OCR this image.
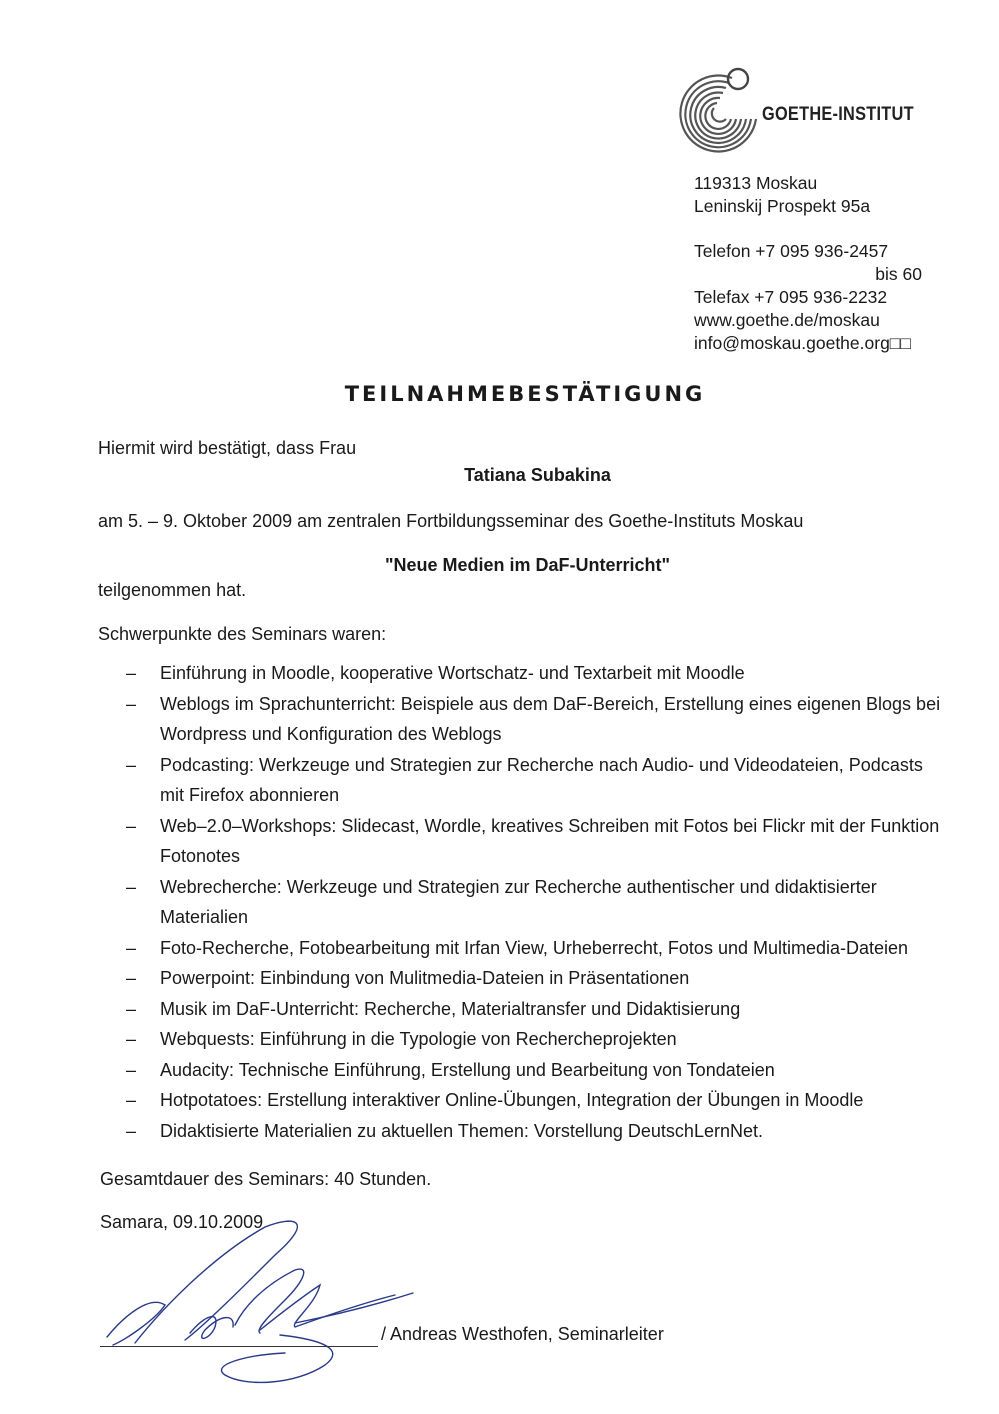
GOETHE-INSTITUT
119313 Moskau
Leninskij Prospekt 95a
Telefon +7 095 936-2457
bis 60
Telefax +7 095 936-2232
www.goethe.de/moskau
info@moskau.goethe.org□□
TEILNAHMEBESTÄTIGUNG
Hiermit wird bestätigt, dass Frau
Tatiana Subakina
am 5. – 9. Oktober 2009 am zentralen Fortbildungsseminar des Goethe-Instituts Moskau
"Neue Medien im DaF-Unterricht"
teilgenommen hat.
Schwerpunkte des Seminars waren:
– Einführung in Moodle, kooperative Wortschatz- und Textarbeit mit Moodle
– Weblogs im Sprachunterricht: Beispiele aus dem DaF-Bereich, Erstellung eines eigenen Blogs bei
Wordpress und Konfiguration des Weblogs
– Podcasting: Werkzeuge und Strategien zur Recherche nach Audio- und Videodateien, Podcasts
mit Firefox abonnieren
– Web–2.0–Workshops: Slidecast, Wordle, kreatives Schreiben mit Fotos bei Flickr mit der Funktion
Fotonotes
– Webrecherche: Werkzeuge und Strategien zur Recherche authentischer und didaktisierter
Materialien
– Foto-Recherche, Fotobearbeitung mit Irfan View, Urheberrecht, Fotos und Multimedia-Dateien
– Powerpoint: Einbindung von Mulitmedia-Dateien in Präsentationen
– Musik im DaF-Unterricht: Recherche, Materialtransfer und Didaktisierung
– Webquests: Einführung in die Typologie von Rechercheprojekten
– Audacity: Technische Einführung, Erstellung und Bearbeitung von Tondateien
– Hotpotatoes: Erstellung interaktiver Online-Übungen, Integration der Übungen in Moodle
– Didaktisierte Materialien zu aktuellen Themen: Vorstellung DeutschLernNet.
Gesamtdauer des Seminars: 40 Stunden.
Samara, 09.10.2009
/ Andreas Westhofen, Seminarleiter
